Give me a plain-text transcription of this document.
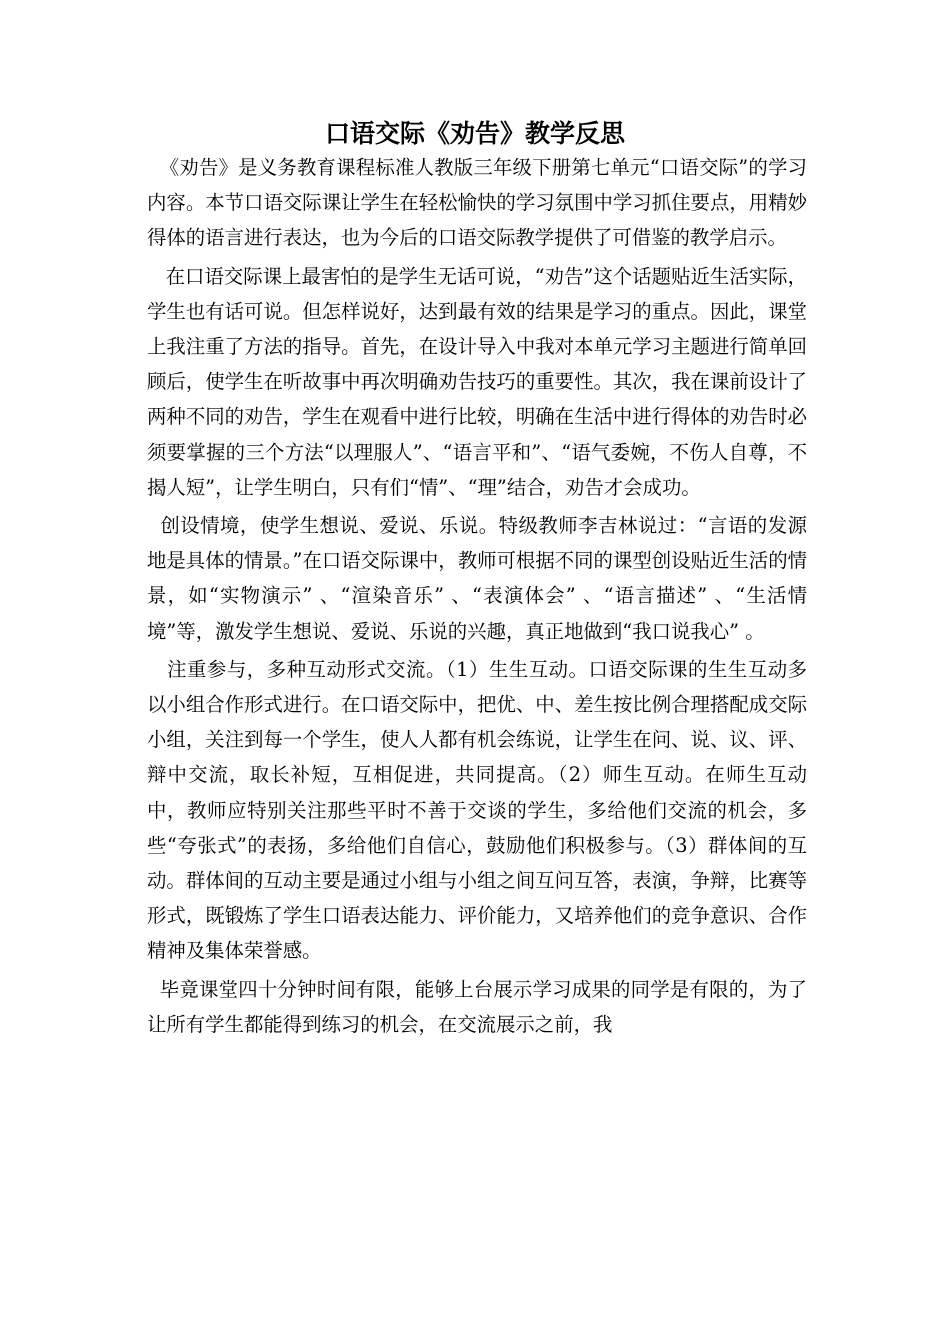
口语交际《劝告》教学反思

《劝告》是义务教育课程标准人教版三年级下册第七单元“口语交际”的学习内容。本节口语交际课让学生在轻松愉快的学习氛围中学习抓住要点，用精妙得体的语言进行表达，也为今后的口语交际教学提供了可借鉴的教学启示。

在口语交际课上最害怕的是学生无话可说，“劝告”这个话题贴近生活实际，学生也有话可说。但怎样说好，达到最有效的结果是学习的重点。因此，课堂上我注重了方法的指导。首先，在设计导入中我对本单元学习主题进行简单回顾后，使学生在听故事中再次明确劝告技巧的重要性。其次，我在课前设计了两种不同的劝告，学生在观看中进行比较，明确在生活中进行得体的劝告时必须要掌握的三个方法“以理服人”、“语言平和”、“语气委婉，不伤人自尊，不揭人短”，让学生明白，只有们“情”、“理”结合，劝告才会成功。

创设情境，使学生想说、爱说、乐说。特级教师李吉林说过：“言语的发源地是具体的情景。”在口语交际课中，教师可根据不同的课型创设贴近生活的情景，如“实物演示” 、“渲染音乐” 、“表演体会” 、“语言描述” 、“生活情境”等，激发学生想说、爱说、乐说的兴趣，真正地做到“我口说我心” 。

注重参与，多种互动形式交流。（1）生生互动。口语交际课的生生互动多以小组合作形式进行。在口语交际中，把优、中、差生按比例合理搭配成交际小组，关注到每一个学生，使人人都有机会练说，让学生在问、说、议、评、辩中交流，取长补短，互相促进，共同提高。（2）师生互动。在师生互动中，教师应特别关注那些平时不善于交谈的学生，多给他们交流的机会，多些“夸张式”的表扬，多给他们自信心，鼓励他们积极参与。（3）群体间的互动。群体间的互动主要是通过小组与小组之间互问互答，表演，争辩，比赛等形式，既锻炼了学生口语表达能力、评价能力，又培养他们的竞争意识、合作精神及集体荣誉感。

毕竟课堂四十分钟时间有限，能够上台展示学习成果的同学是有限的，为了让所有学生都能得到练习的机会，在交流展示之前，我
